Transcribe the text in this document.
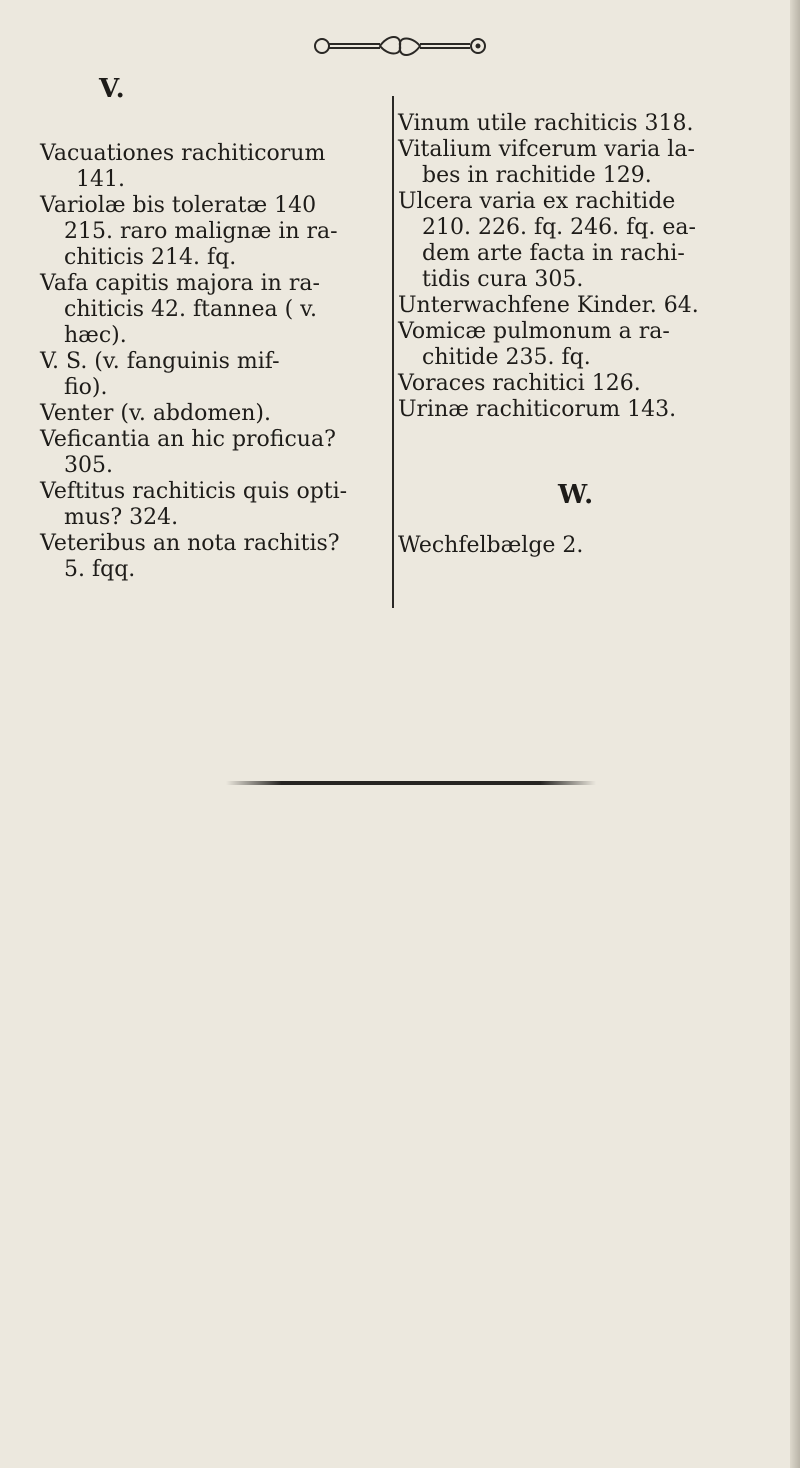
V.
Vacuationes rachiticorum
141.
Variolæ bis toleratæ 140
215. raro malignæ in ra-
chiticis 214. fq.
Vafa capitis majora in ra-
chiticis 42. ftannea ( v.
hæc).
V. S. (v. fanguinis mif-
fio).
Venter (v. abdomen).
Veficantia an hic proficua?
305.
Veftitus rachiticis quis opti-
mus? 324.
Veteribus an nota rachitis?
5. fqq.
Vinum utile rachiticis 318.
Vitalium vifcerum varia la-
bes in rachitide 129.
Ulcera varia ex rachitide
210. 226. fq. 246. fq. ea-
dem arte facta in rachi-
tidis cura 305.
Unterwachfene Kinder. 64.
Vomicæ pulmonum a ra-
chitide 235. fq.
Voraces rachitici 126.
Urinæ rachiticorum 143.
W.
Wechfelbælge 2.
